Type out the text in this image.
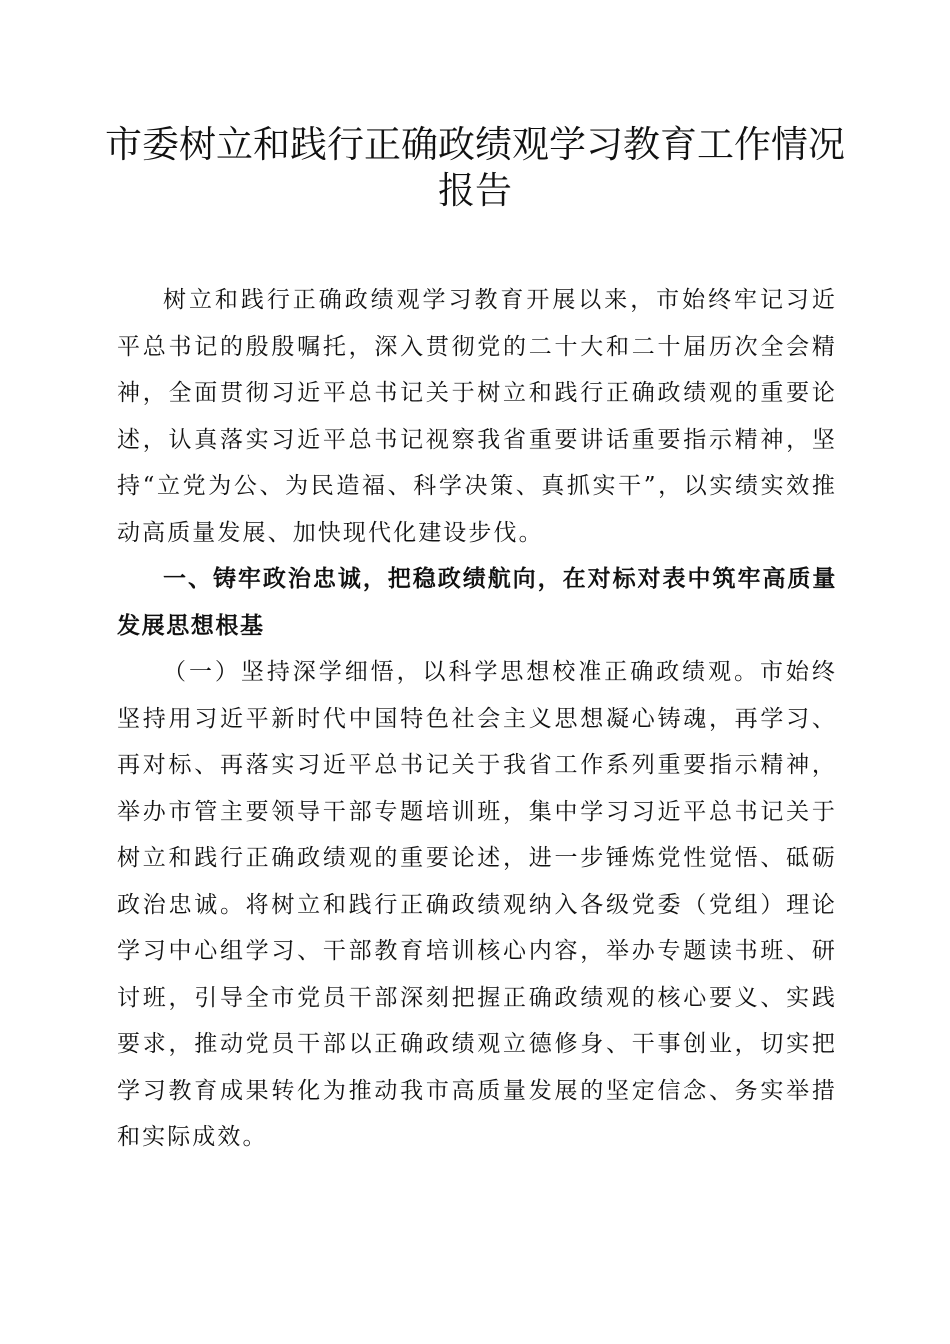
市委树立和践行正确政绩观学习教育工作情况
报告

树立和践行正确政绩观学习教育开展以来，市始终牢记习近平总书记的殷殷嘱托，深入贯彻党的二十大和二十届历次全会精神，全面贯彻习近平总书记关于树立和践行正确政绩观的重要论述，认真落实习近平总书记视察我省重要讲话重要指示精神，坚持“立党为公、为民造福、科学决策、真抓实干”，以实绩实效推动高质量发展、加快现代化建设步伐。

一、铸牢政治忠诚，把稳政绩航向，在对标对表中筑牢高质量发展思想根基

（一）坚持深学细悟，以科学思想校准正确政绩观。市始终坚持用习近平新时代中国特色社会主义思想凝心铸魂，再学习、再对标、再落实习近平总书记关于我省工作系列重要指示精神，举办市管主要领导干部专题培训班，集中学习习近平总书记关于树立和践行正确政绩观的重要论述，进一步锤炼党性觉悟、砥砺政治忠诚。将树立和践行正确政绩观纳入各级党委（党组）理论学习中心组学习、干部教育培训核心内容，举办专题读书班、研讨班，引导全市党员干部深刻把握正确政绩观的核心要义、实践要求，推动党员干部以正确政绩观立德修身、干事创业，切实把学习教育成果转化为推动我市高质量发展的坚定信念、务实举措和实际成效。
